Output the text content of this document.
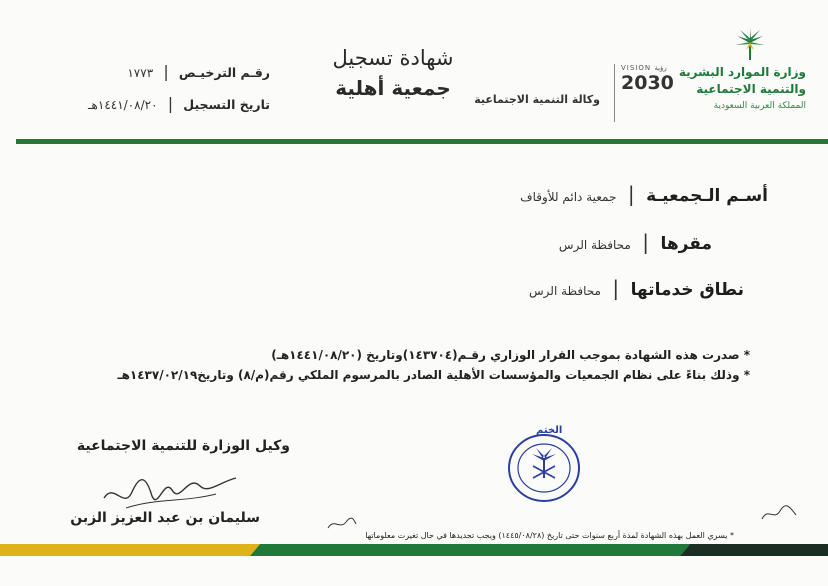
وزارة الموارد البشرية
والتنمية الاجتماعية
المملكة العربية السعودية
VISION رؤية
2030

وكالة التنمية الاجتماعية
شهادة تسجيل
جمعية أهلية
رقـم الترخيـص  |  ١٧٧٣
تاريخ التسجيل  |  ١٤٤١/٠٨/٢٠هـ
أسـم الـجمعيـة  |  جمعية دائم للأوقاف
مقرها  |  محافظة الرس
نطاق خدماتها  |  محافظة الرس
* صدرت هذه الشهادة بموجب القرار الوزاري رقـم(١٤٣٧٠٤)وتاريخ (١٤٤١/٠٨/٢٠هـ)
* وذلك بناءً على نظام الجمعيات والمؤسسات الأهلية الصادر بالمرسوم الملكي رقم(م/٨) وتاريخ١٤٣٧/٠٢/١٩هـ
الختم
وكيل الوزارة للتنمية الاجتماعية
سليمان بن عبد العزيز الزبن
* يسري العمل بهذه الشهادة لمدة أربع سنوات حتى تاريخ (١٤٤٥/٠٨/٢٨) ويجب تجديدها في حال تغيرت معلوماتها
